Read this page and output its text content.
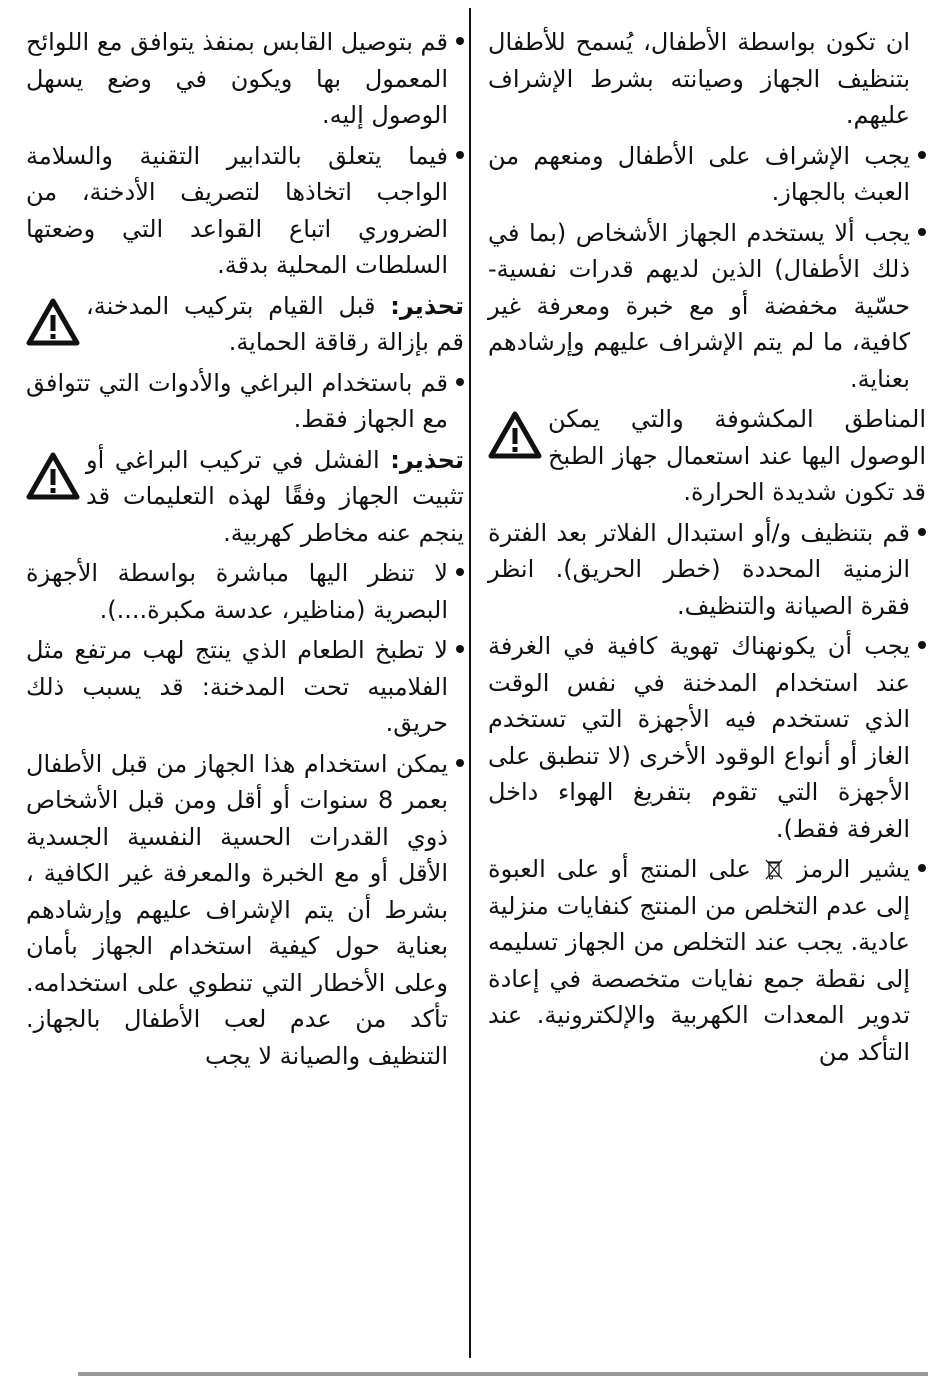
ان تكون بواسطة الأطفال، يُسمح للأطفال بتنظيف الجهاز وصيانته بشرط الإشراف عليهم.

يجب الإشراف على الأطفال ومنعهم من العبث بالجهاز.

يجب ألا يستخدم الجهاز الأشخاص (بما في ذلك الأطفال) الذين لديهم قدرات نفسية-حسّية مخفضة أو مع خبرة ومعرفة غير كافية، ما لم يتم الإشراف عليهم وإرشادهم بعناية.

المناطق المكشوفة والتي يمكن الوصول اليها عند استعمال جهاز الطبخ قد تكون شديدة الحرارة.

قم بتنظيف و/أو استبدال الفلاتر بعد الفترة الزمنية المحددة (خطر الحريق). انظر فقرة الصيانة والتنظيف.

يجب أن يكونهناك تهوية كافية في الغرفة عند استخدام المدخنة في نفس الوقت الذي تستخدم فيه الأجهزة التي تستخدم الغاز أو أنواع الوقود الأخرى (لا تنطبق على الأجهزة التي تقوم بتفريغ الهواء داخل الغرفة فقط).

يشير الرمز  على المنتج أو على العبوة إلى عدم التخلص من المنتج كنفايات منزلية عادية. يجب عند التخلص من الجهاز تسليمه إلى نقطة جمع نفايات متخصصة في إعادة تدوير المعدات الكهربية والإلكترونية. عند التأكد من

قم بتوصيل القابس بمنفذ يتوافق مع اللوائح المعمول بها ويكون في وضع يسهل الوصول إليه.

فيما يتعلق بالتدابير التقنية والسلامة الواجب اتخاذها لتصريف الأدخنة، من الضروري اتباع القواعد التي وضعتها السلطات المحلية بدقة.

تحذير: قبل القيام بتركيب المدخنة، قم بإزالة رقاقة الحماية.

قم باستخدام البراغي والأدوات التي تتوافق مع الجهاز فقط.

تحذير: الفشل في تركيب البراغي أو تثبيت الجهاز وفقًا لهذه التعليمات قد ينجم عنه مخاطر كهربية.

لا تنظر اليها مباشرة بواسطة الأجهزة البصرية (مناظير، عدسة مكبرة....).

لا تطبخ الطعام الذي ينتج لهب مرتفع مثل الفلامبيه تحت المدخنة: قد يسبب ذلك حريق.

يمكن استخدام هذا الجهاز من قبل الأطفال بعمر 8 سنوات أو أقل ومن قبل الأشخاص ذوي القدرات الحسية النفسية الجسدية الأقل أو مع الخبرة والمعرفة غير الكافية ، بشرط أن يتم الإشراف عليهم وإرشادهم بعناية حول كيفية استخدام الجهاز بأمان وعلى الأخطار التي تنطوي على استخدامه. تأكد من عدم لعب الأطفال بالجهاز. التنظيف والصيانة لا يجب
